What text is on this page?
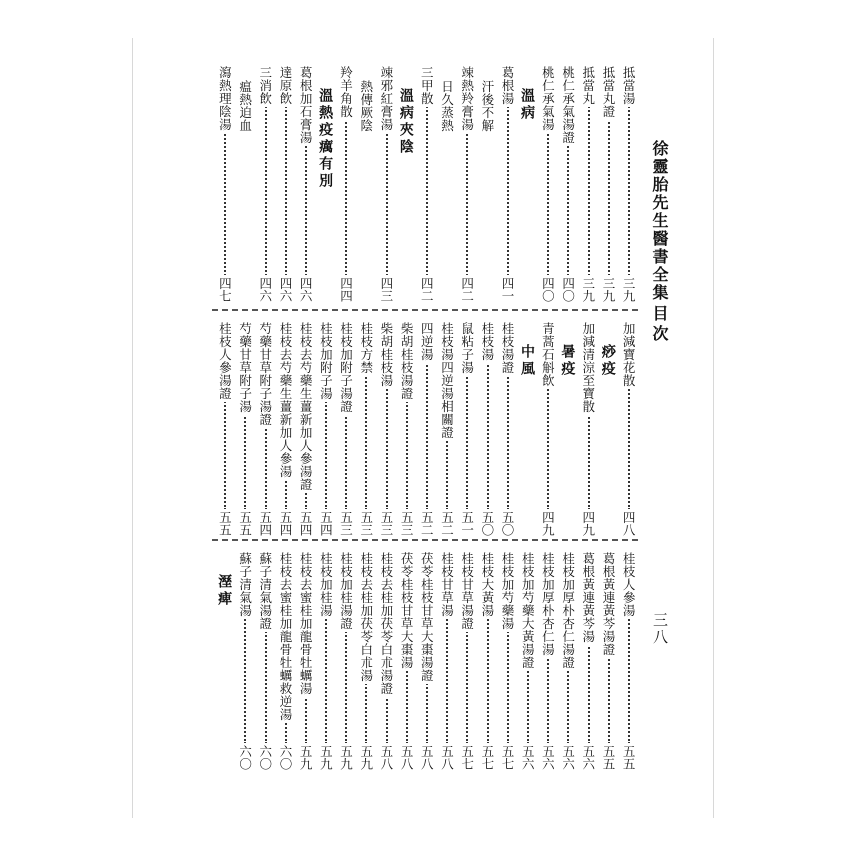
徐靈胎先生醫書全集
目次
三八
抵當湯
三九
抵當丸證
三九
抵當丸
三九
桃仁承氣湯證
四〇
桃仁承氣湯
四〇
溫病
葛根湯
四一
汗後不解
竦熱羚膏湯
四二
日久蒸熱
三甲散
四二
溫病夾陰
竦邪紅膏湯
四三
熱傳厥陰
羚羊角散
四四
溫熱疫癘有別
葛根加石膏湯
四六
達原飲
四六
三消飲
四六
瘟熱迫血
瀉熱理陰湯
四七
加減寶花散
四八
痧疫
加減清涼至寶散
四九
暑疫
青蒿石斛飲
四九
中風
桂枝湯證
五〇
桂枝湯
五〇
鼠粘子湯
五一
桂枝湯四逆湯相關證
五二
四逆湯
五二
柴胡桂枝湯證
五三
柴胡桂枝湯
五三
桂枝方禁
五三
桂枝加附子湯證
五三
桂枝加附子湯
五四
桂枝去芍藥生薑新加人參湯證
五四
桂枝去芍藥生薑新加人參湯
五四
芍藥甘草附子湯證
五四
芍藥甘草附子湯
五五
桂枝人參湯證
五五
桂枝人參湯
五五
葛根黃連黃芩湯證
五五
葛根黃連黃芩湯
五六
桂枝加厚朴杏仁湯證
五六
桂枝加厚朴杏仁湯
五六
桂枝加芍藥大黃湯證
五六
桂枝加芍藥湯
五七
桂枝大黃湯
五七
桂枝甘草湯證
五七
桂枝甘草湯
五八
茯苓桂枝甘草大棗湯證
五八
茯苓桂枝甘草大棗湯
五八
桂枝去桂加茯苓白朮湯證
五八
桂枝去桂加茯苓白朮湯
五九
桂枝加桂湯證
五九
桂枝加桂湯
五九
桂枝去蜜桂加龍骨牡蠣湯
五九
桂枝去蜜桂加龍骨牡蠣救逆湯
六〇
蘇子清氣湯證
六〇
蘇子清氣湯
六〇
溼痺
